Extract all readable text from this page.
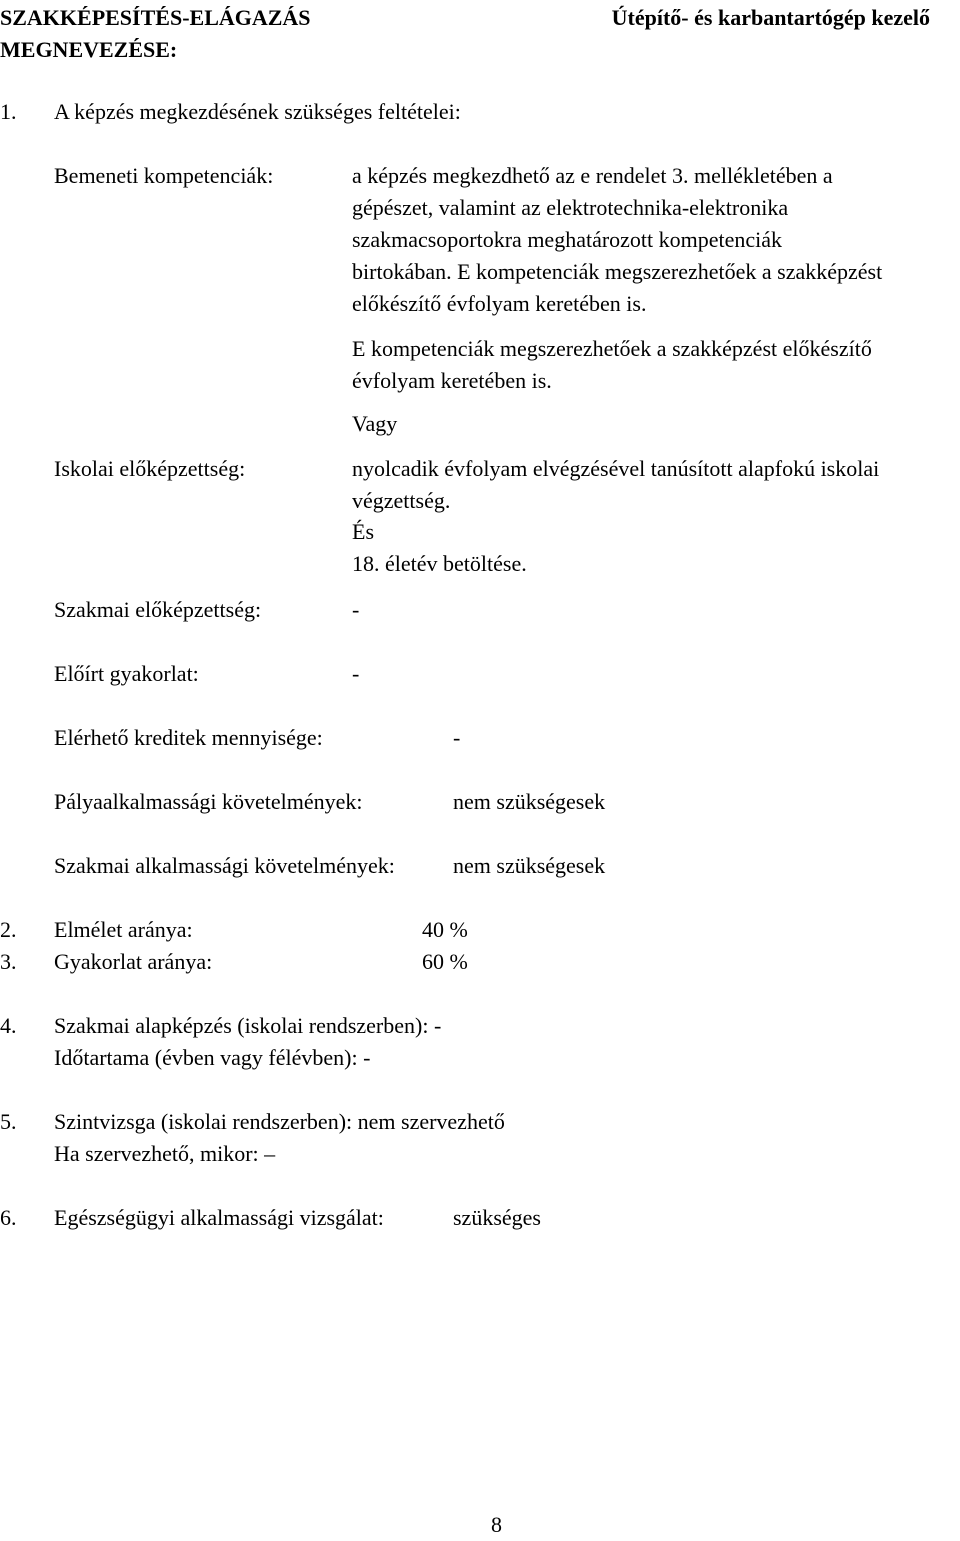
SZAKKÉPESÍTÉS-ELÁGAZÁS
MEGNEVEZÉSE:
Útépítő- és karbantartógép kezelő
1. A képzés megkezdésének szükséges feltételei:
Bemeneti kompetenciák:	a képzés megkezdhető az e rendelet 3. mellékletében a
gépészet, valamint az elektrotechnika-elektronika
szakmacsoportokra meghatározott kompetenciák
birtokában. E kompetenciák megszerezhetőek a szakképzést
előkészítő évfolyam keretében is.
E kompetenciák megszerezhetőek a szakképzést előkészítő
évfolyam keretében is.
Vagy
Iskolai előképzettség:	nyolcadik évfolyam elvégzésével tanúsított alapfokú iskolai
végzettség.
És
18. életév betöltése.
Szakmai előképzettség:	-
Előírt gyakorlat:	-
Elérhető kreditek mennyisége:	-
Pályaalkalmassági követelmények:	nem szükségesek
Szakmai alkalmassági követelmények:	nem szükségesek
2. Elmélet aránya:	40 %
3. Gyakorlat aránya:	60 %
4. Szakmai alapképzés (iskolai rendszerben): -
Időtartama (évben vagy félévben): -
5. Szintvizsga (iskolai rendszerben): nem szervezhető
Ha szervezhető, mikor: –
6. Egészségügyi alkalmassági vizsgálat:	szükséges
8
